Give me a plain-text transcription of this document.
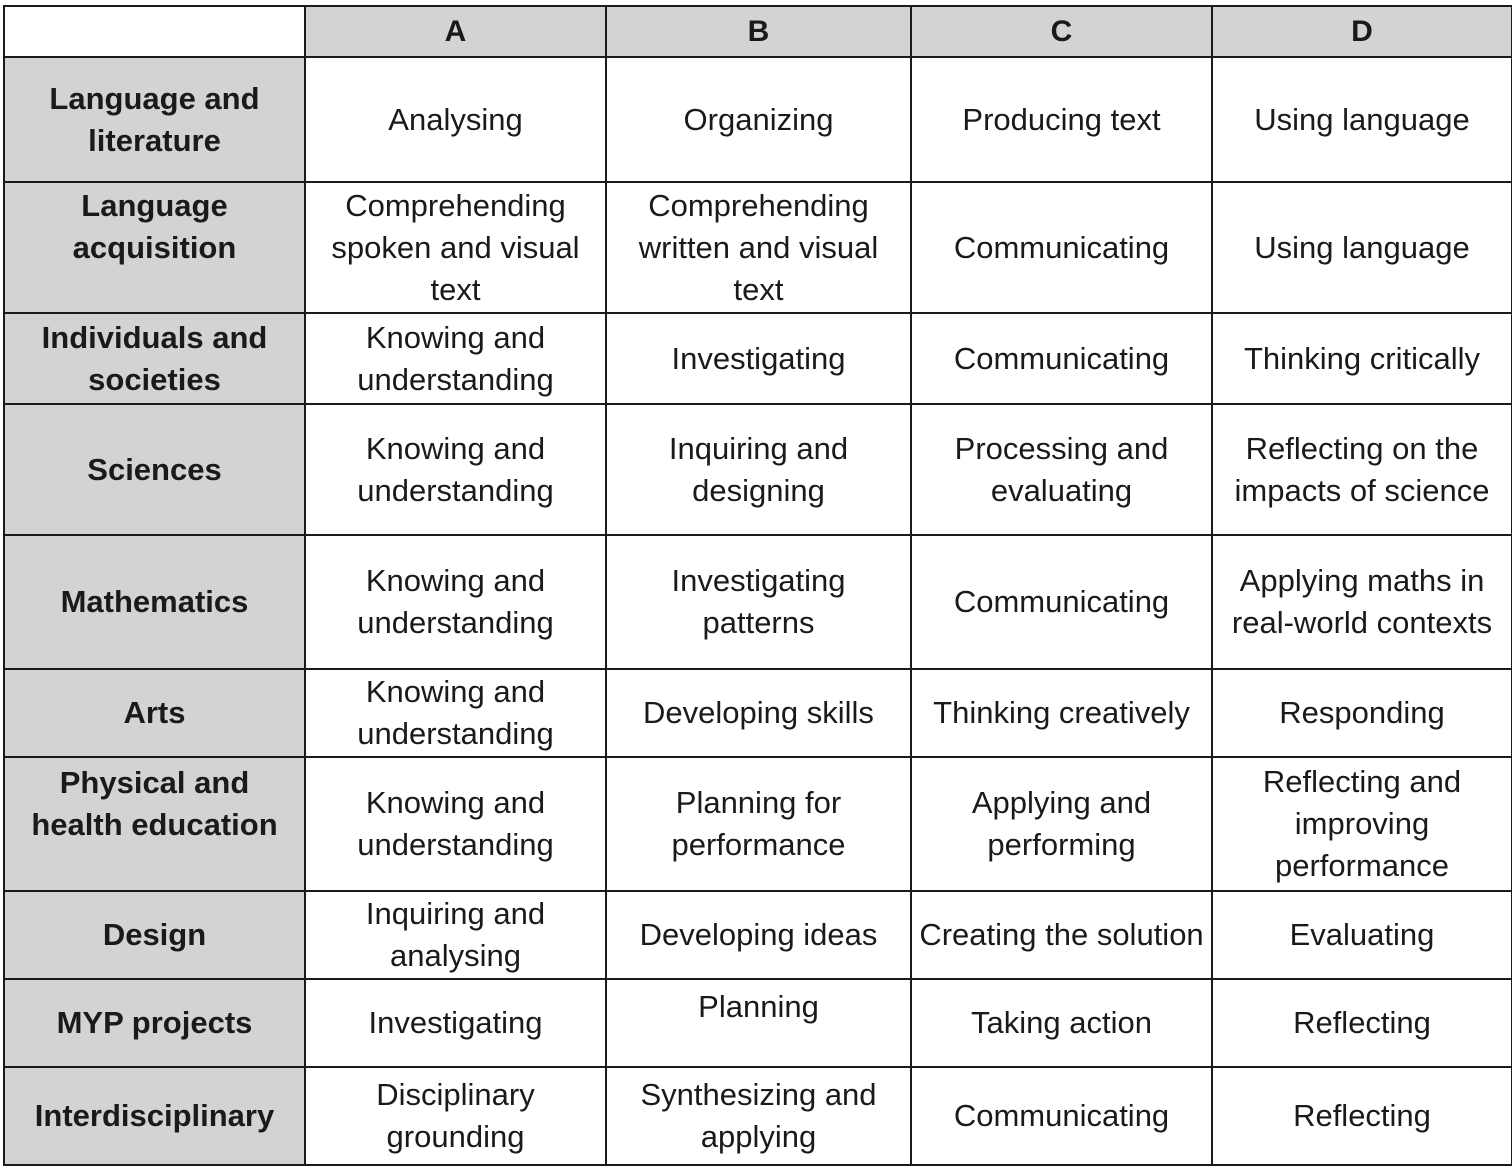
	A	B	C	D
Language and literature	Analysing	Organizing	Producing text	Using language
Language acquisition	Comprehending spoken and visual text	Comprehending written and visual text	Communicating	Using language
Individuals and societies	Knowing and understanding	Investigating	Communicating	Thinking critically
Sciences	Knowing and understanding	Inquiring and designing	Processing and evaluating	Reflecting on the impacts of science
Mathematics	Knowing and understanding	Investigating patterns	Communicating	Applying maths in real-world contexts
Arts	Knowing and understanding	Developing skills	Thinking creatively	Responding
Physical and health education	Knowing and understanding	Planning for performance	Applying and performing	Reflecting and improving performance
Design	Inquiring and analysing	Developing ideas	Creating the solution	Evaluating
MYP projects	Investigating	Planning	Taking action	Reflecting
Interdisciplinary	Disciplinary grounding	Synthesizing and applying	Communicating	Reflecting
